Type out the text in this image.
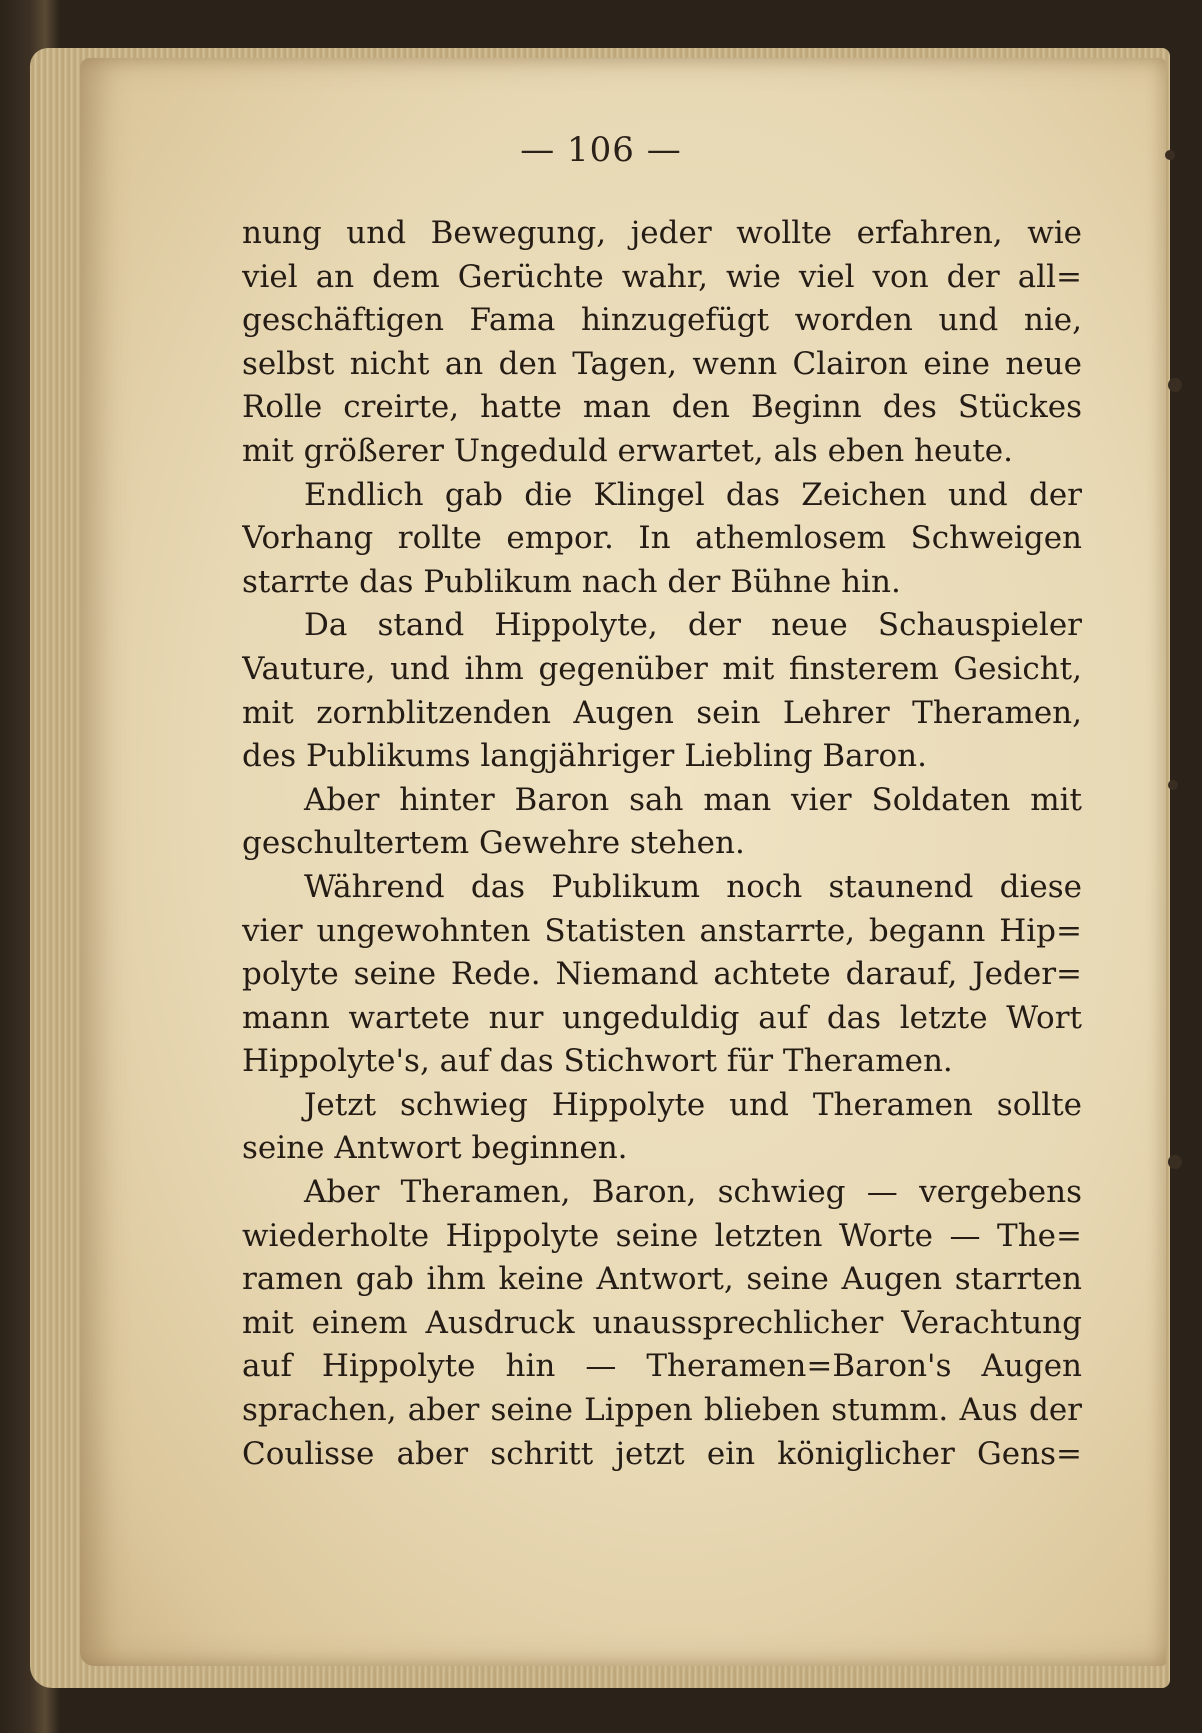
— 106 —
nung und Bewegung, jeder wollte erfahren, wie
viel an dem Gerüchte wahr, wie viel von der all=
geschäftigen Fama hinzugefügt worden und nie,
selbst nicht an den Tagen, wenn Clairon eine neue
Rolle creirte, hatte man den Beginn des Stückes
mit größerer Ungeduld erwartet, als eben heute.
Endlich gab die Klingel das Zeichen und der
Vorhang rollte empor. In athemlosem Schweigen
starrte das Publikum nach der Bühne hin.
Da stand Hippolyte, der neue Schauspieler
Vauture, und ihm gegenüber mit finsterem Gesicht,
mit zornblitzenden Augen sein Lehrer Theramen,
des Publikums langjähriger Liebling Baron.
Aber hinter Baron sah man vier Soldaten mit
geschultertem Gewehre stehen.
Während das Publikum noch staunend diese
vier ungewohnten Statisten anstarrte, begann Hip=
polyte seine Rede. Niemand achtete darauf, Jeder=
mann wartete nur ungeduldig auf das letzte Wort
Hippolyte's, auf das Stichwort für Theramen.
Jetzt schwieg Hippolyte und Theramen sollte
seine Antwort beginnen.
Aber Theramen, Baron, schwieg — vergebens
wiederholte Hippolyte seine letzten Worte — The=
ramen gab ihm keine Antwort, seine Augen starrten
mit einem Ausdruck unaussprechlicher Verachtung
auf Hippolyte hin — Theramen=Baron's Augen
sprachen, aber seine Lippen blieben stumm. Aus der
Coulisse aber schritt jetzt ein königlicher Gens=
